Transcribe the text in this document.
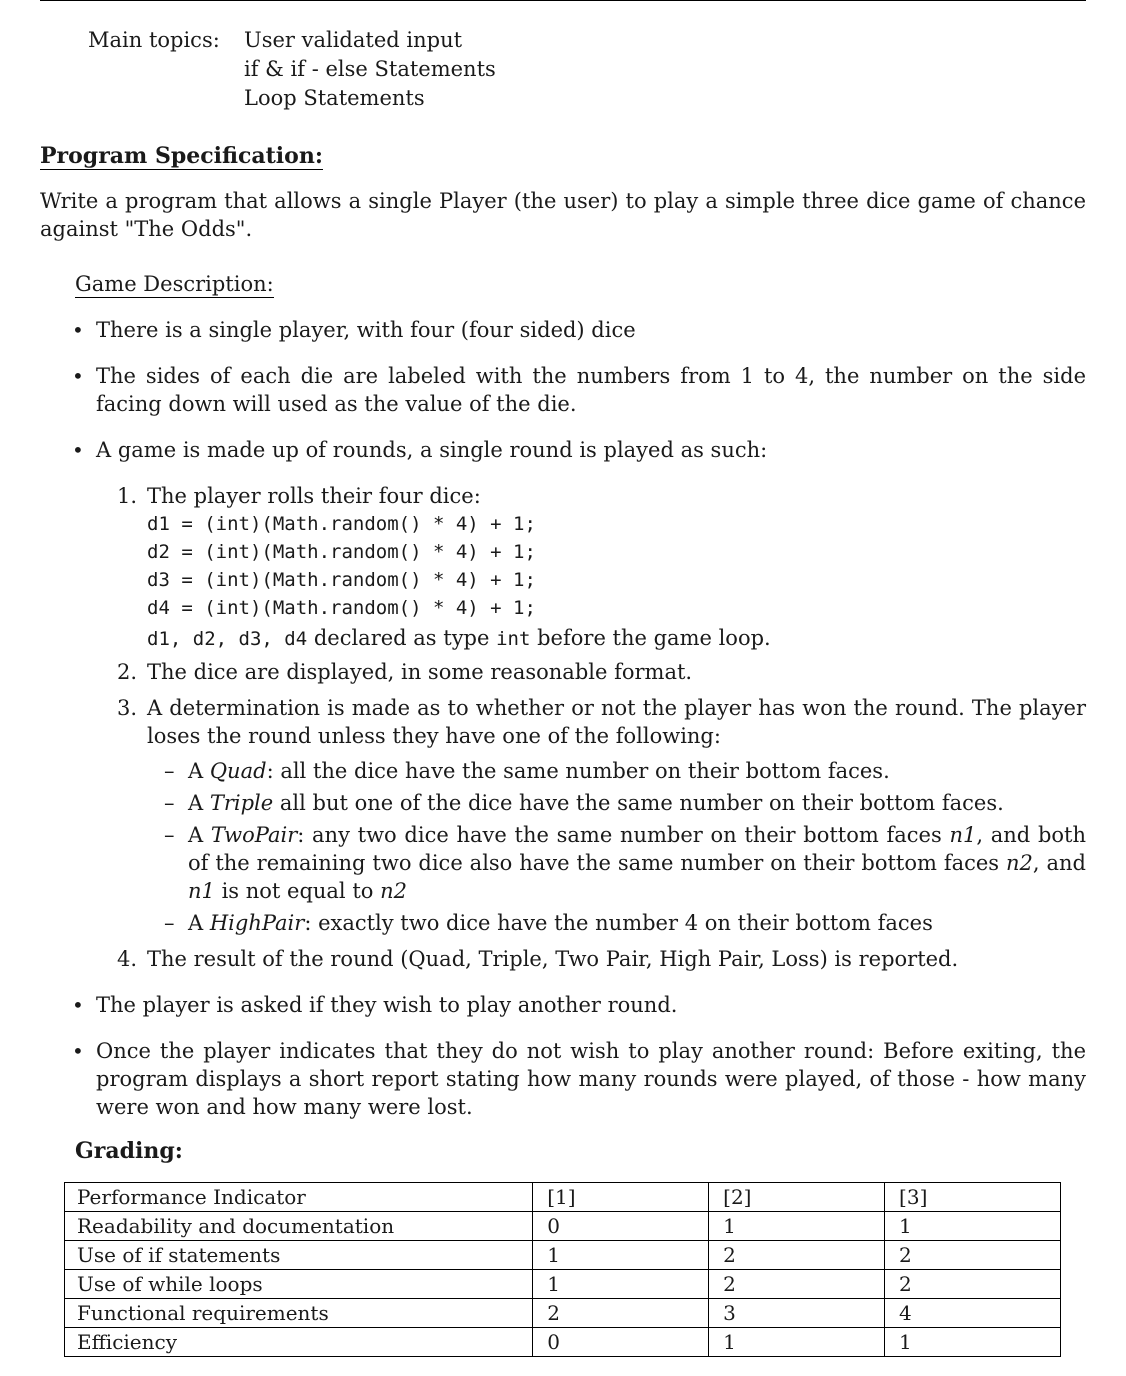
Main topics: User validated input
if & if - else Statements
Loop Statements
Program Specification:
Write a program that allows a single Player (the user) to play a simple three dice game of chance against "The Odds".
Game Description:
• There is a single player, with four (four sided) dice
• The sides of each die are labeled with the numbers from 1 to 4, the number on the side facing down will used as the value of the die.
• A game is made up of rounds, a single round is played as such:
1. The player rolls their four dice:
d1 = (int)(Math.random() * 4) + 1;
d2 = (int)(Math.random() * 4) + 1;
d3 = (int)(Math.random() * 4) + 1;
d4 = (int)(Math.random() * 4) + 1;
d1, d2, d3, d4 declared as type int before the game loop.
2. The dice are displayed, in some reasonable format.
3. A determination is made as to whether or not the player has won the round. The player loses the round unless they have one of the following:
– A Quad: all the dice have the same number on their bottom faces.
– A Triple all but one of the dice have the same number on their bottom faces.
– A TwoPair: any two dice have the same number on their bottom faces n1, and both of the remaining two dice also have the same number on their bottom faces n2, and n1 is not equal to n2
– A HighPair: exactly two dice have the number 4 on their bottom faces
4. The result of the round (Quad, Triple, Two Pair, High Pair, Loss) is reported.
• The player is asked if they wish to play another round.
• Once the player indicates that they do not wish to play another round: Before exiting, the program displays a short report stating how many rounds were played, of those - how many were won and how many were lost.
Grading:
Performance Indicator	[1]	[2]	[3]
Readability and documentation	0	1	1
Use of if statements	1	2	2
Use of while loops	1	2	2
Functional requirements	2	3	4
Efficiency	0	1	1
